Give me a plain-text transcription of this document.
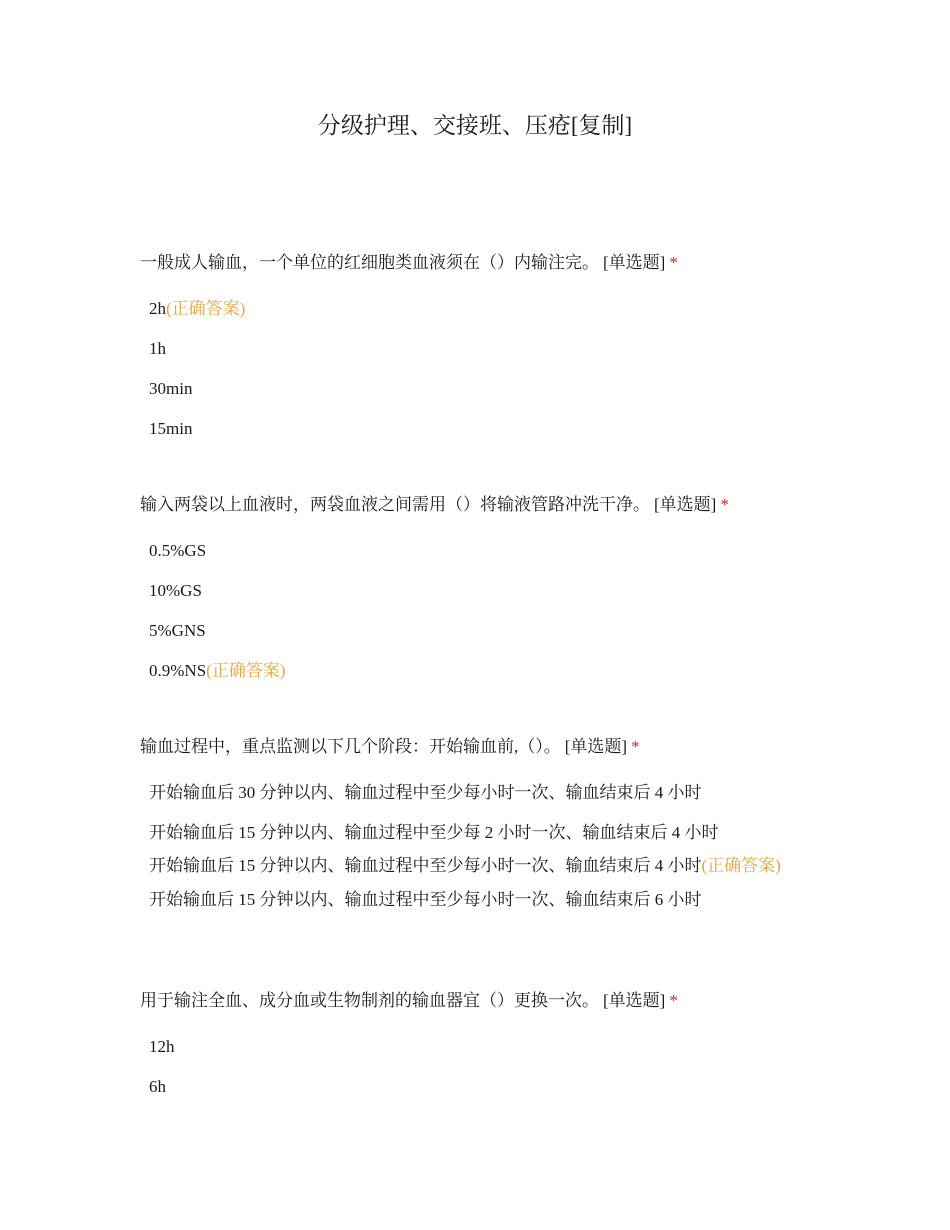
分级护理、交接班、压疮[复制]

一般成人输血，一个单位的红细胞类血液须在（）内输注完。 [单选题] *

2h(正确答案)
1h
30min
15min

输入两袋以上血液时，两袋血液之间需用（）将输液管路冲洗干净。 [单选题] *

0.5%GS
10%GS
5%GNS
0.9%NS(正确答案)

输血过程中，重点监测以下几个阶段：开始输血前,（）。 [单选题] *

开始输血后 30 分钟以内、输血过程中至少每小时一次、输血结束后 4 小时
开始输血后 15 分钟以内、输血过程中至少每 2 小时一次、输血结束后 4 小时
开始输血后 15 分钟以内、输血过程中至少每小时一次、输血结束后 4 小时(正确答案)
开始输血后 15 分钟以内、输血过程中至少每小时一次、输血结束后 6 小时

用于输注全血、成分血或生物制剂的输血器宜（）更换一次。 [单选题] *

12h
6h
